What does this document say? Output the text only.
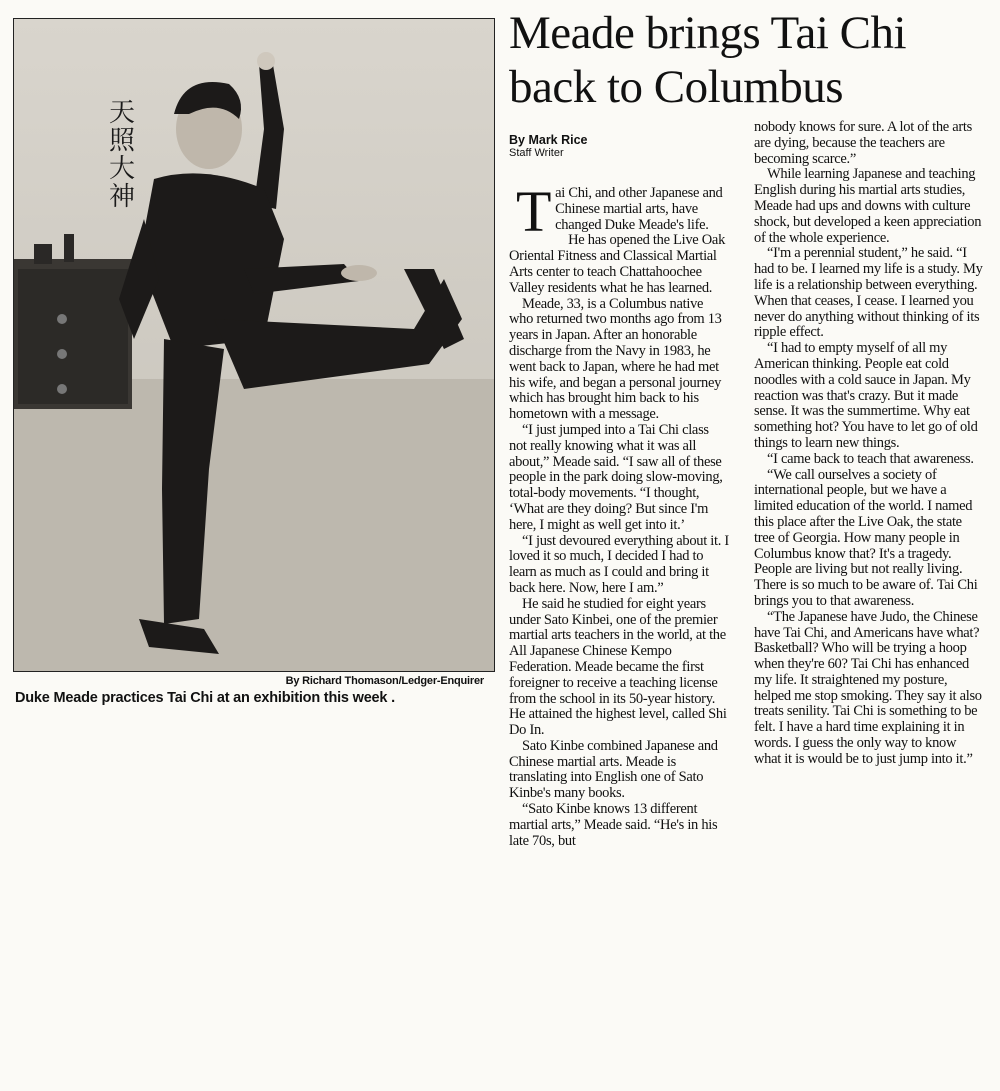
天
照
大
神
By Richard Thomason/Ledger-Enquirer
Duke Meade practices Tai Chi at an exhibition this week .
Meade brings Tai Chi back to Columbus
By Mark Rice
Staff Writer

Tai Chi, and other Japanese and Chinese martial arts, have changed Duke Meade's life.

He has opened the Live Oak Oriental Fitness and Classical Martial Arts center to teach Chattahoochee Valley residents what he has learned.

Meade, 33, is a Columbus native who returned two months ago from 13 years in Japan. After an honorable discharge from the Navy in 1983, he went back to Japan, where he had met his wife, and began a personal journey which has brought him back to his hometown with a message.

“I just jumped into a Tai Chi class not really knowing what it was all about,” Meade said. “I saw all of these people in the park doing slow-moving, total-body movements. “I thought, ‘What are they doing? But since I'm here, I might as well get into it.’

“I just devoured everything about it. I loved it so much, I decided I had to learn as much as I could and bring it back here. Now, here I am.”

He said he studied for eight years under Sato Kinbei, one of the premier martial arts teachers in the world, at the All Japanese Chinese Kempo Federation. Meade became the first foreigner to receive a teaching license from the school in its 50-year history. He attained the highest level, called Shi Do In.

Sato Kinbe combined Japanese and Chinese martial arts. Meade is translating into English one of Sato Kinbe's many books.

“Sato Kinbe knows 13 different martial arts,” Meade said. “He's in his late 70s, but

nobody knows for sure. A lot of the arts are dying, because the teachers are becoming scarce.”

While learning Japanese and teaching English during his martial arts studies, Meade had ups and downs with culture shock, but developed a keen appreciation of the whole experience.

“I'm a perennial student,” he said. “I had to be. I learned my life is a study. My life is a relationship between everything. When that ceases, I cease. I learned you never do anything without thinking of its ripple effect.

“I had to empty myself of all my American thinking. People eat cold noodles with a cold sauce in Japan. My reaction was that's crazy. But it made sense. It was the summertime. Why eat something hot? You have to let go of old things to learn new things.

“I came back to teach that awareness.

“We call ourselves a society of international people, but we have a limited education of the world. I named this place after the Live Oak, the state tree of Georgia. How many people in Columbus know that? It's a tragedy. People are living but not really living. There is so much to be aware of. Tai Chi brings you to that awareness.

“The Japanese have Judo, the Chinese have Tai Chi, and Americans have what? Basketball? Who will be trying a hoop when they're 60? Tai Chi has enhanced my life. It straightened my posture, helped me stop smoking. They say it also treats senility. Tai Chi is something to be felt. I have a hard time explaining it in words. I guess the only way to know what it is would be to just jump into it.”
